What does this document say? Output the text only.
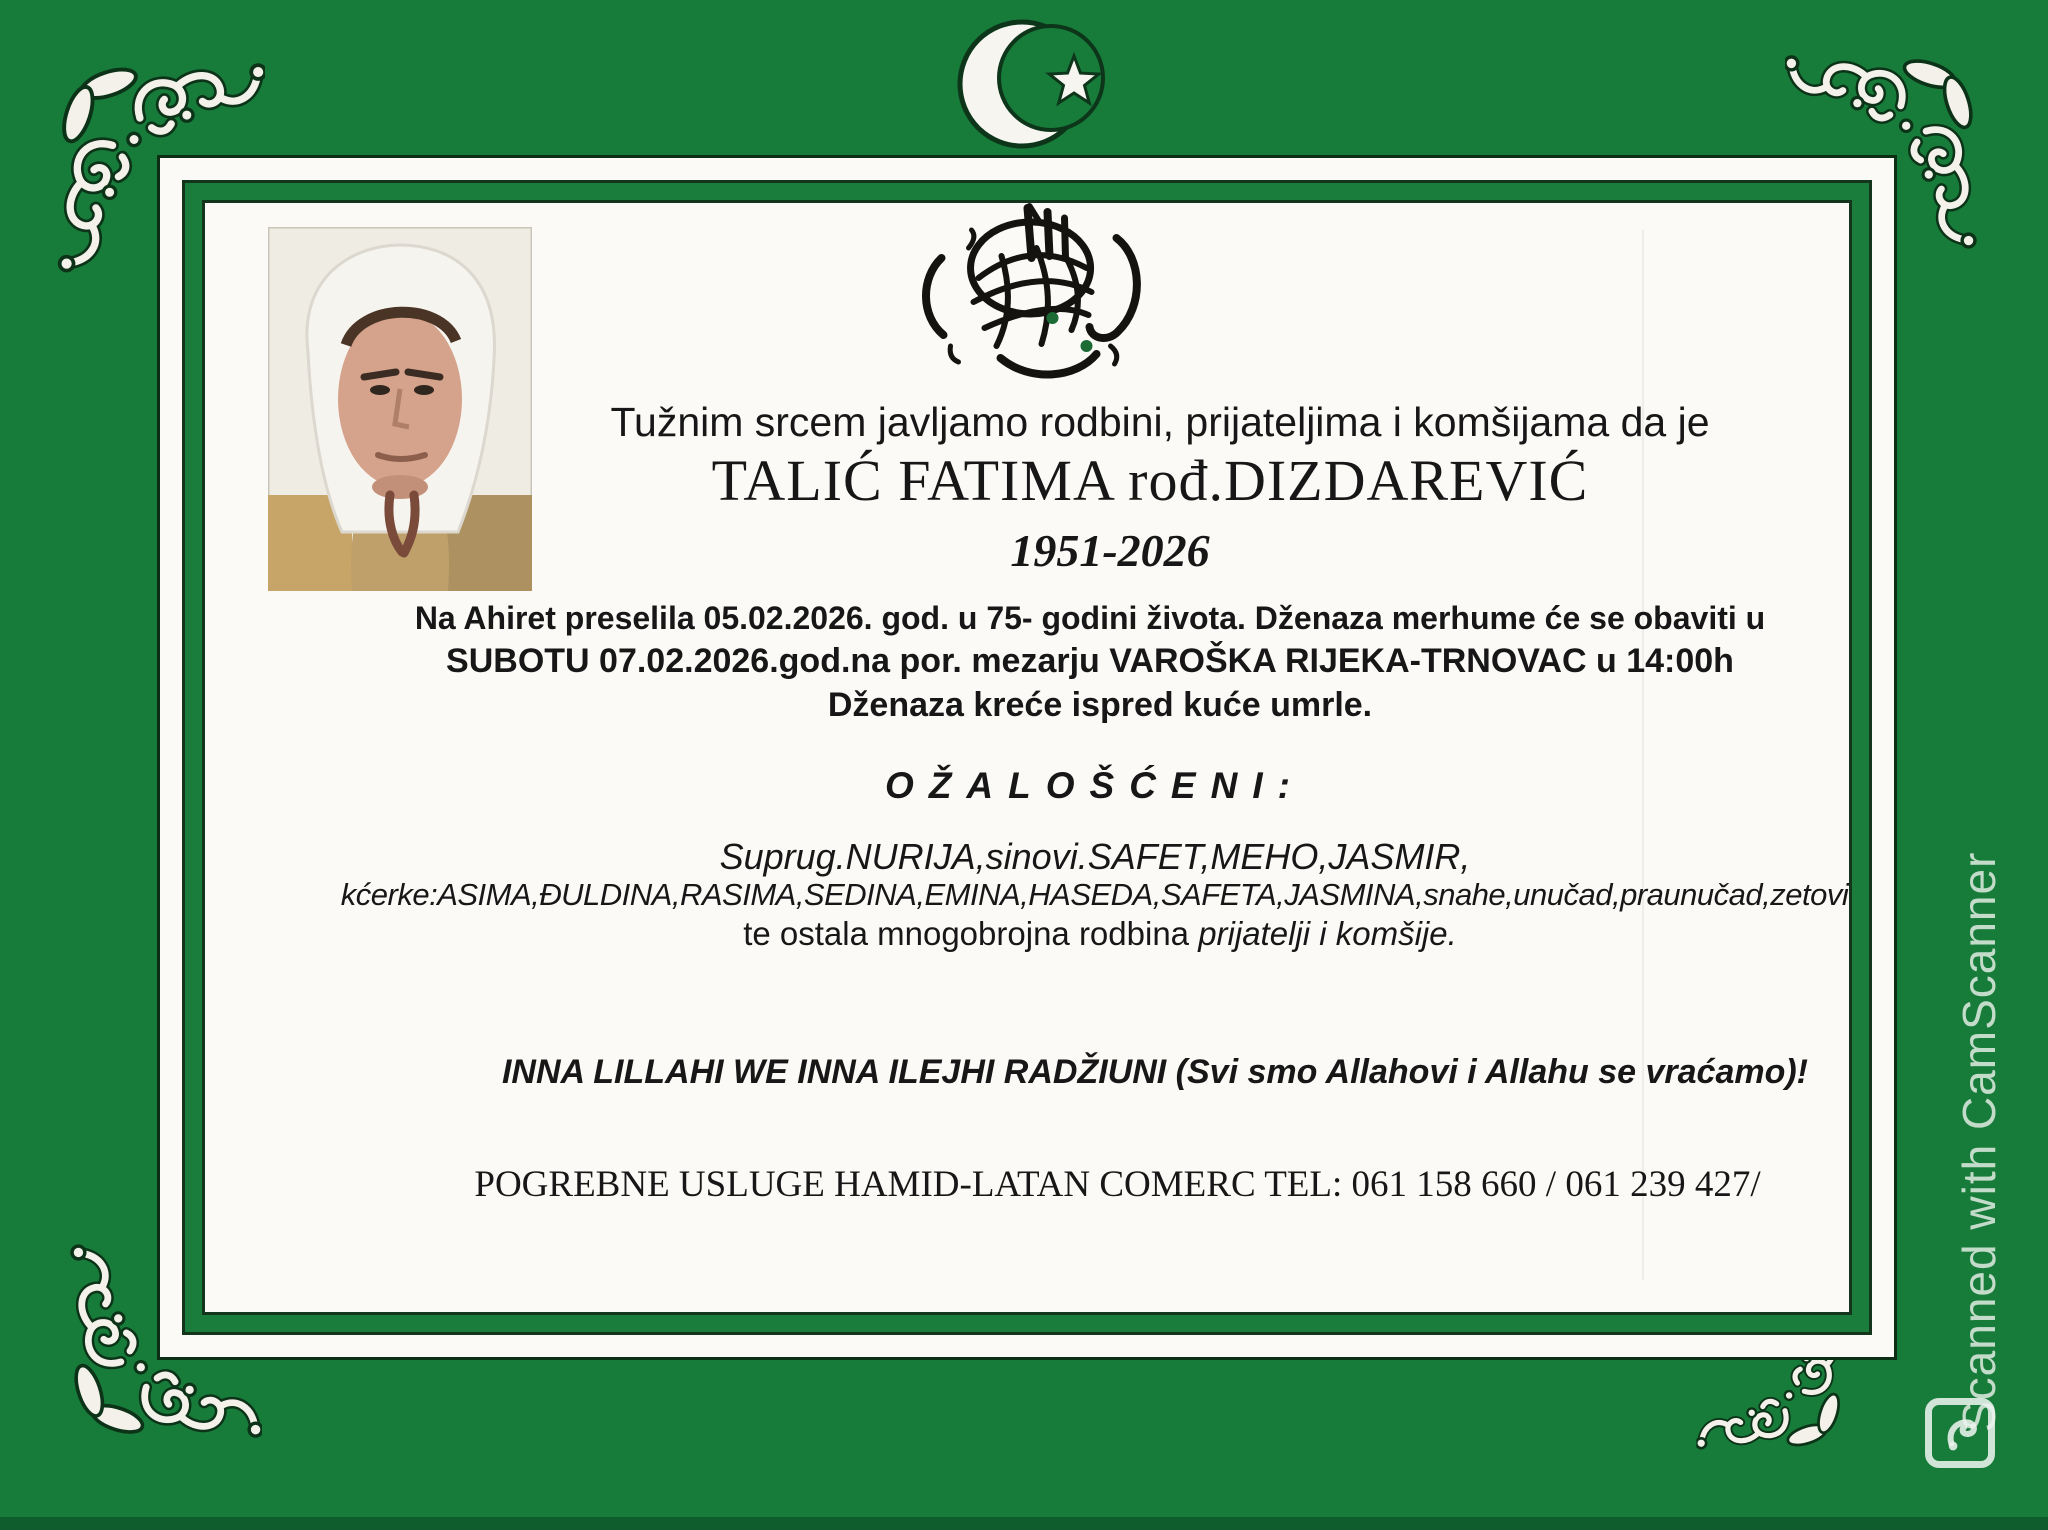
Tužnim srcem javljamo rodbini, prijateljima i komšijama da je
TALIĆ FATIMA rođ.DIZDAREVIĆ
1951-2026
Na Ahiret preselila 05.02.2026. god. u 75- godini života. Dženaza merhume će se obaviti u
SUBOTU 07.02.2026.god.na por. mezarju VAROŠKA RIJEKA-TRNOVAC u 14:00h
Dženaza kreće ispred kuće umrle.
OŽALOŠĆENI:
Suprug.NURIJA,sinovi.SAFET,MEHO,JASMIR,
kćerke:ASIMA,ĐULDINA,RASIMA,SEDINA,EMINA,HASEDA,SAFETA,JASMINA,snahe,unučad,praunučad,zetovi
te ostala mnogobrojna rodbina prijatelji i komšije.
INNA LILLAHI WE INNA ILEJHI RADŽIUNI (Svi smo Allahovi i Allahu se vraćamo)!
POGREBNE USLUGE HAMID-LATAN COMERC TEL: 061 158 660 / 061 239 427/	Scanned with CamScanner
